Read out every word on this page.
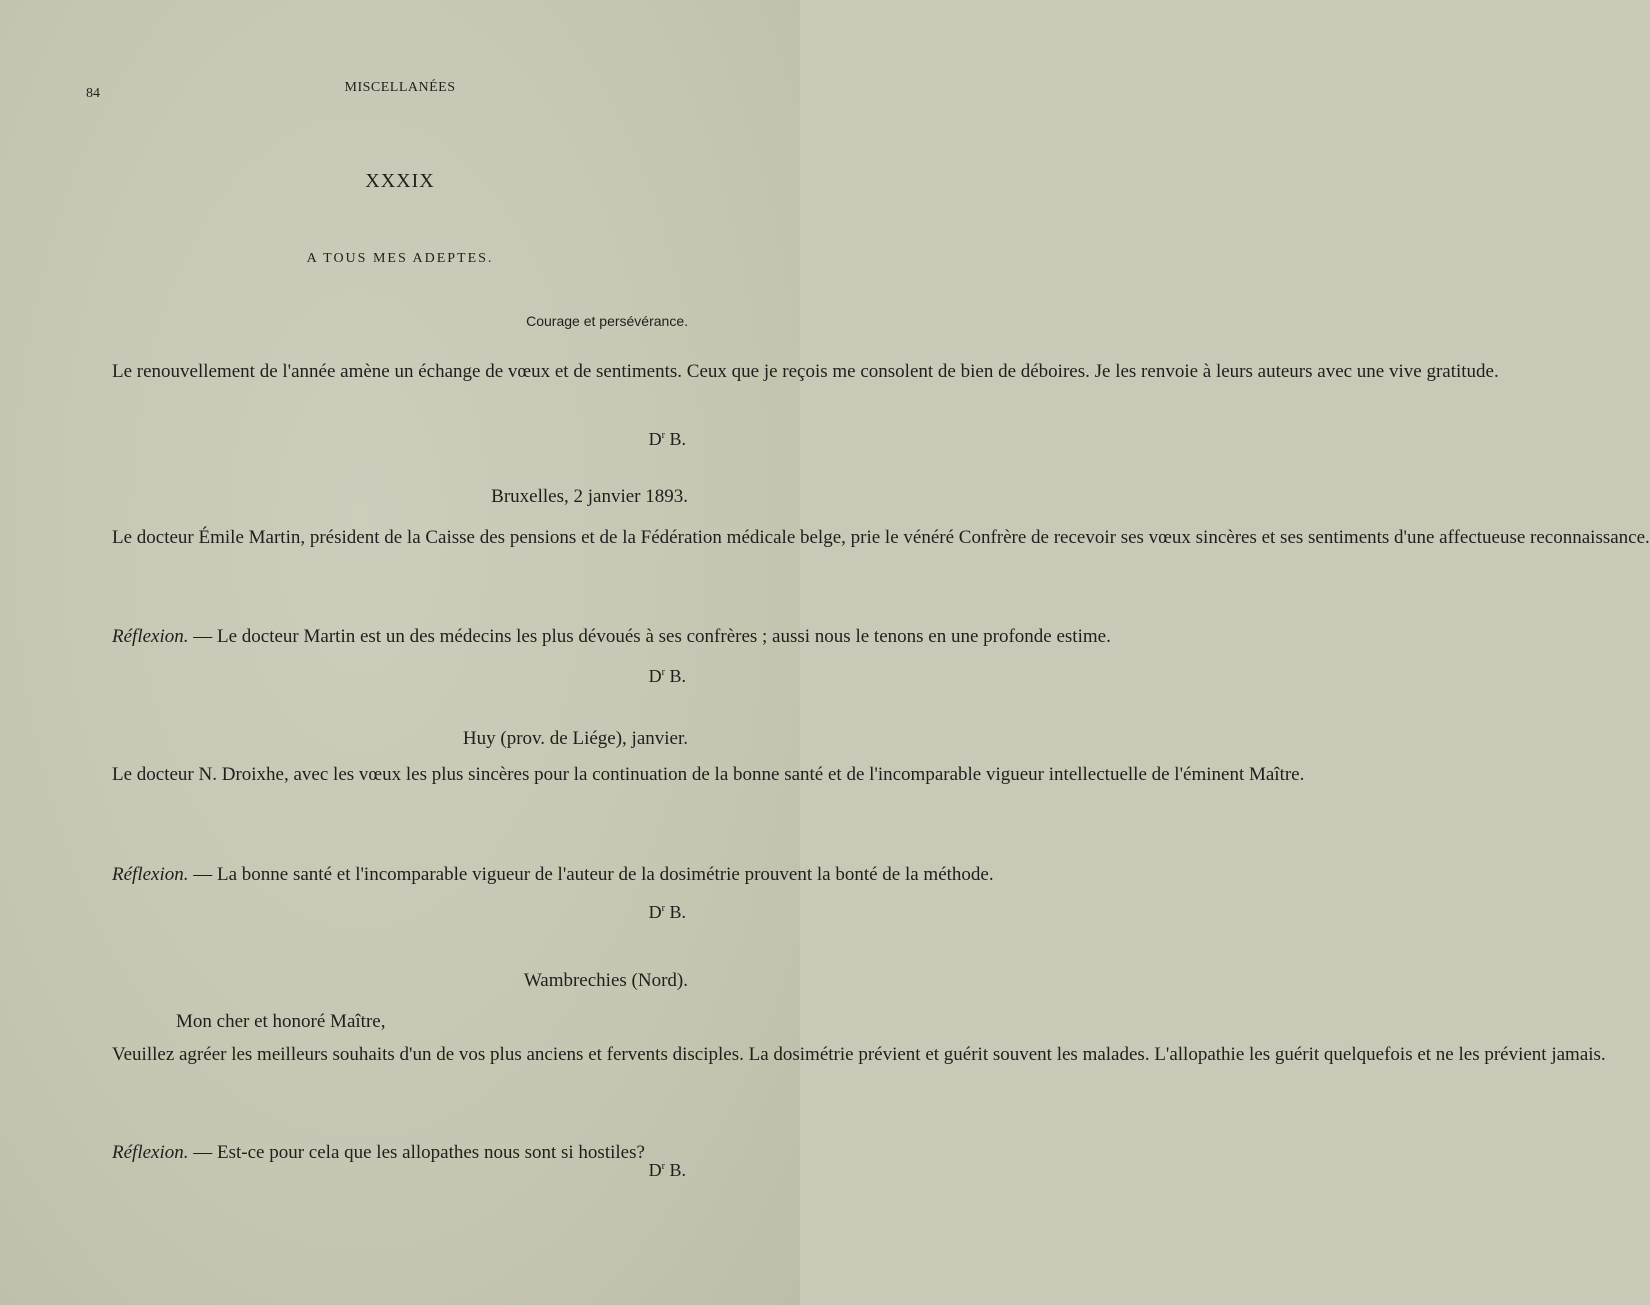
84	MISCELLANÉES
XXXIX
A TOUS MES ADEPTES.
Courage et persévérance.

Le renouvellement de l'année amène un échange de vœux et de sentiments. Ceux que je reçois me consolent de bien de déboires. Je les renvoie à leurs auteurs avec une vive gratitude.

$D^r$ B.
Bruxelles, 2 janvier 1893.

Le docteur Émile Martin, président de la Caisse des pensions et de la Fédération médicale belge, prie le vénéré Confrère de recevoir ses vœux sincères et ses sentiments d'une affectueuse reconnaissance.

Réflexion. — Le docteur Martin est un des médecins les plus dévoués à ses confrères ; aussi nous le tenons en une profonde estime.

$D^r$ B.
Huy (prov. de Liége), janvier.

Le docteur N. Droixhe, avec les vœux les plus sincères pour la continuation de la bonne santé et de l'incomparable vigueur intellectuelle de l'éminent Maître.

Réflexion. — La bonne santé et l'incomparable vigueur de l'auteur de la dosimétrie prouvent la bonté de la méthode.

$D^r$ B.
Wambrechies (Nord).
Mon cher et honoré Maître,

Veuillez agréer les meilleurs souhaits d'un de vos plus anciens et fervents disciples. La dosimétrie prévient et guérit souvent les malades. L'allopathie les guérit quelquefois et ne les prévient jamais.

Réflexion. — Est-ce pour cela que les allopathes nous sont si hostiles?

$D^r$ B.
